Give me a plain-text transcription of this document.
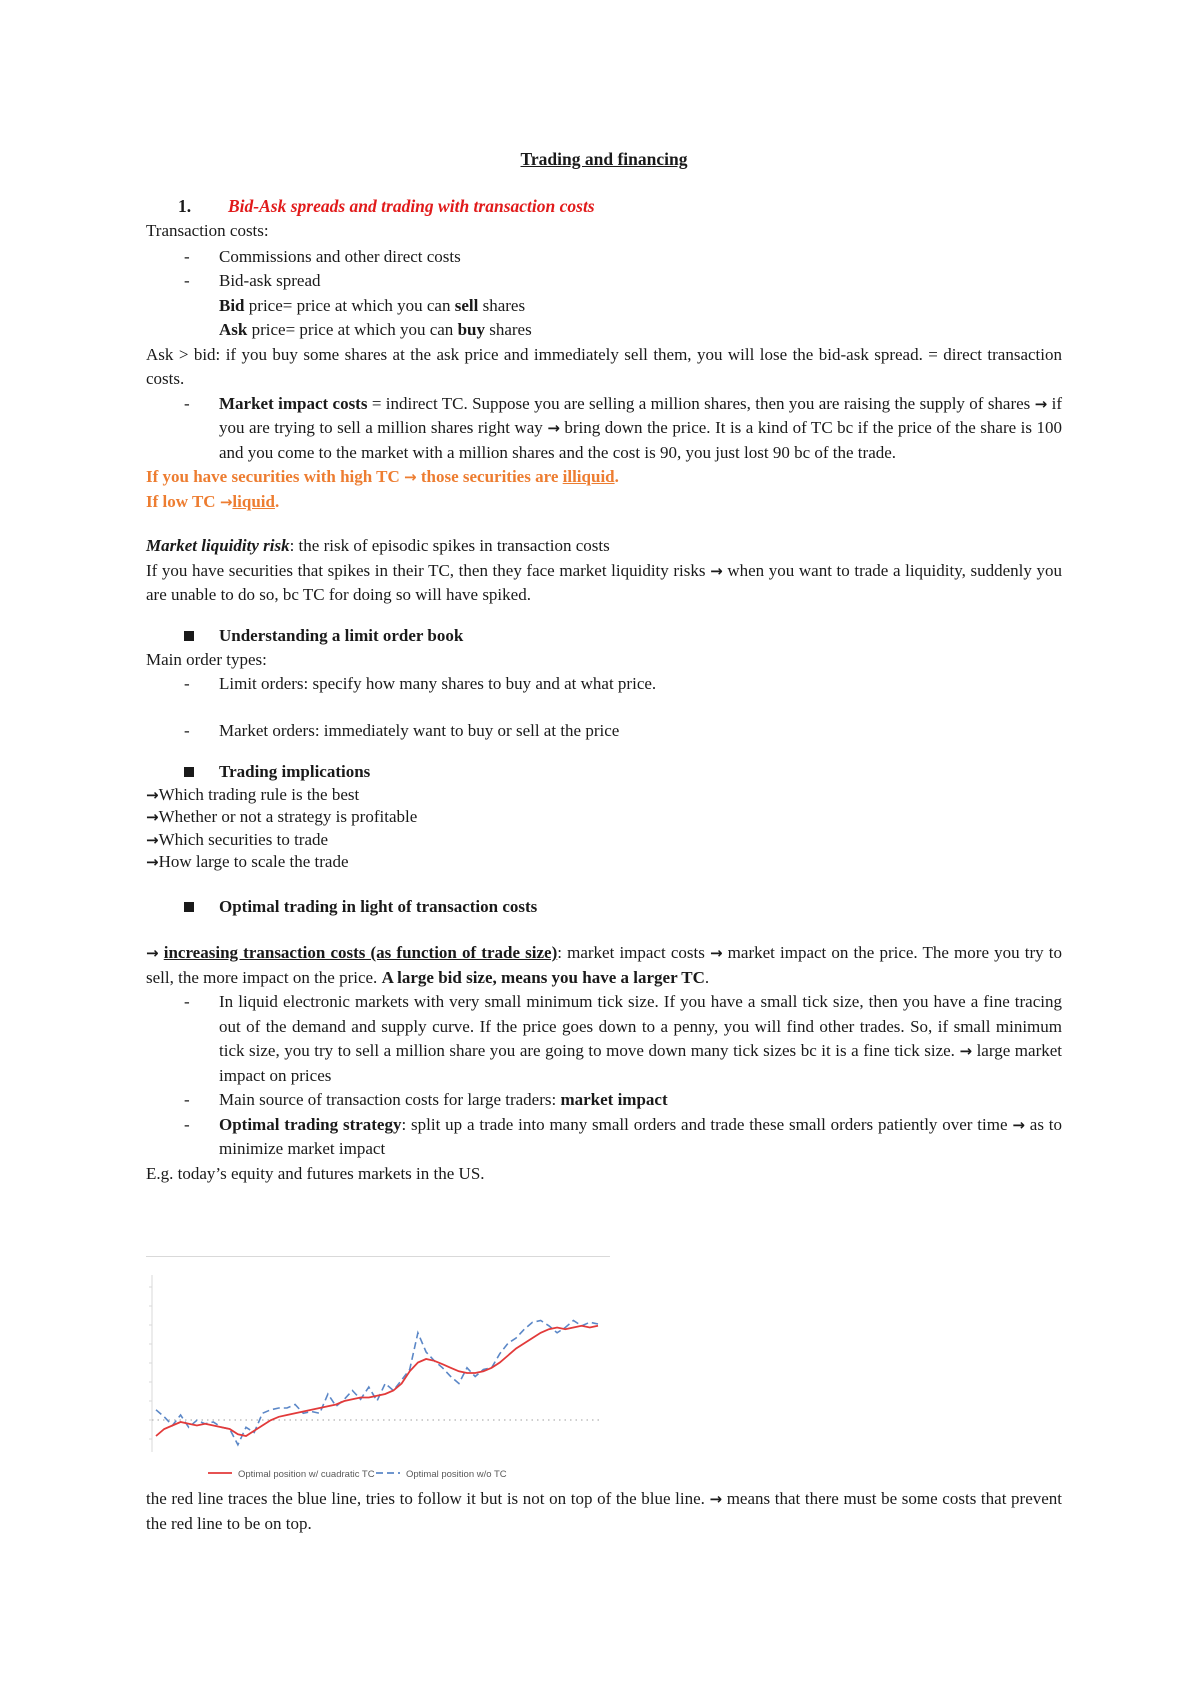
Trading and financing
1. Bid-Ask spreads and trading with transaction costs
Transaction costs:
- Commissions and other direct costs
- Bid-ask spread
Bid price= price at which you can sell shares
Ask price= price at which you can buy shares
Ask > bid: if you buy some shares at the ask price and immediately sell them, you will lose the bid-ask spread. = direct transaction costs.
- Market impact costs = indirect TC. Suppose you are selling a million shares, then you are raising the supply of shares → if you are trying to sell a million shares right way → bring down the price. It is a kind of TC bc if the price of the share is 100 and you come to the market with a million shares and the cost is 90, you just lost 90 bc of the trade.
If you have securities with high TC → those securities are illiquid.
If low TC →liquid.
Market liquidity risk: the risk of episodic spikes in transaction costs
If you have securities that spikes in their TC, then they face market liquidity risks → when you want to trade a liquidity, suddenly you are unable to do so, bc TC for doing so will have spiked.
Understanding a limit order book
Main order types:
- Limit orders: specify how many shares to buy and at what price.
- Market orders: immediately want to buy or sell at the price
Trading implications
→Which trading rule is the best
→Whether or not a strategy is profitable
→Which securities to trade
→How large to scale the trade
Optimal trading in light of transaction costs
→ increasing transaction costs (as function of trade size): market impact costs → market impact on the price. The more you try to sell, the more impact on the price. A large bid size, means you have a larger TC.
- In liquid electronic markets with very small minimum tick size. If you have a small tick size, then you have a fine tracing out of the demand and supply curve. If the price goes down to a penny, you will find other trades. So, if small minimum tick size, you try to sell a million share you are going to move down many tick sizes bc it is a fine tick size. → large market impact on prices
- Main source of transaction costs for large traders: market impact
- Optimal trading strategy: split up a trade into many small orders and trade these small orders patiently over time → as to minimize market impact
E.g. today’s equity and futures markets in the US.
the red line traces the blue line, tries to follow it but is not on top of the blue line. → means that there must be some costs that prevent the red line to be on top.
Optimal position w/ cuadratic TC	Optimal position w/o TC
